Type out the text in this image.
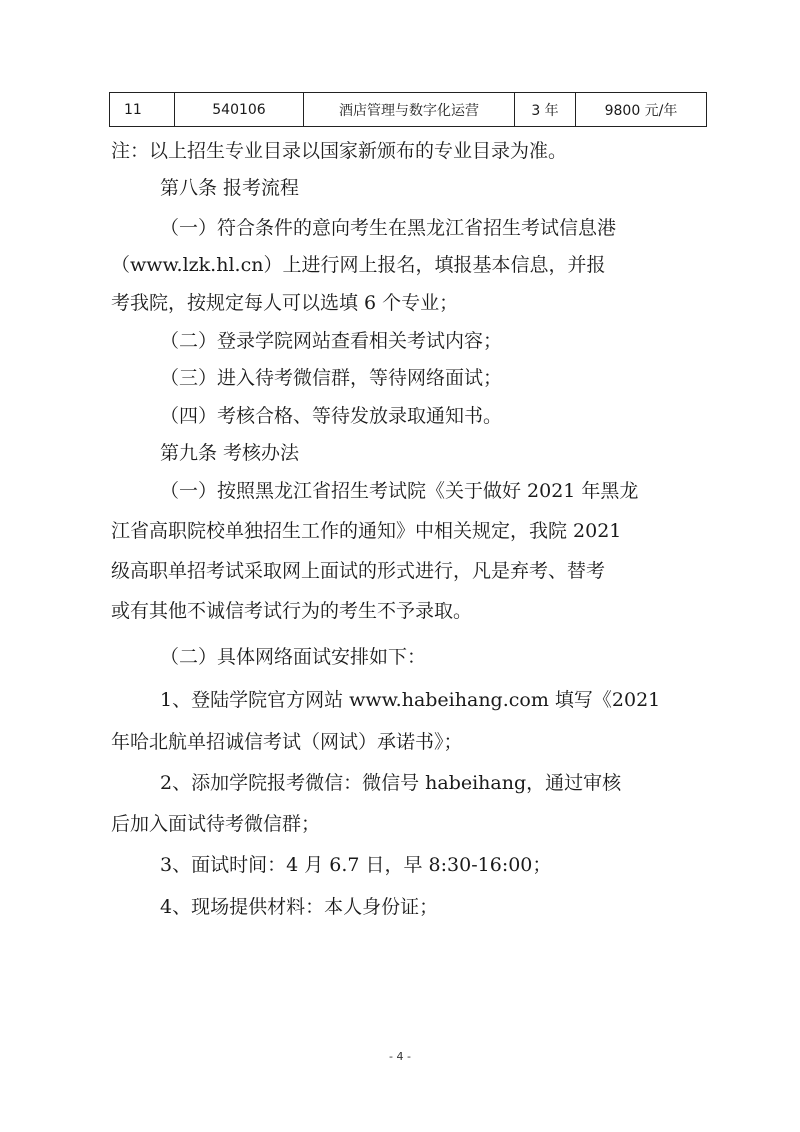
11	540106	酒店管理与数字化运营	3 年	9800 元/年
注：以上招生专业目录以国家新颁布的专业目录为准。
第八条 报考流程
（一）符合条件的意向考生在黑龙江省招生考试信息港
（www.lzk.hl.cn）上进行网上报名，填报基本信息，并报
考我院，按规定每人可以选填 6 个专业；
（二）登录学院网站查看相关考试内容；
（三）进入待考微信群，等待网络面试；
（四）考核合格、等待发放录取通知书。
第九条 考核办法
（一）按照黑龙江省招生考试院《关于做好 2021 年黑龙
江省高职院校单独招生工作的通知》中相关规定，我院 2021
级高职单招考试采取网上面试的形式进行，凡是弃考、替考
或有其他不诚信考试行为的考生不予录取。
（二）具体网络面试安排如下：
1、登陆学院官方网站 www.habeihang.com 填写《2021
年哈北航单招诚信考试（网试）承诺书》；
2、添加学院报考微信：微信号 habeihang，通过审核
后加入面试待考微信群；
3、面试时间：4 月 6.7 日，早 8:30-16:00；
4、现场提供材料：本人身份证；
- 4 -
